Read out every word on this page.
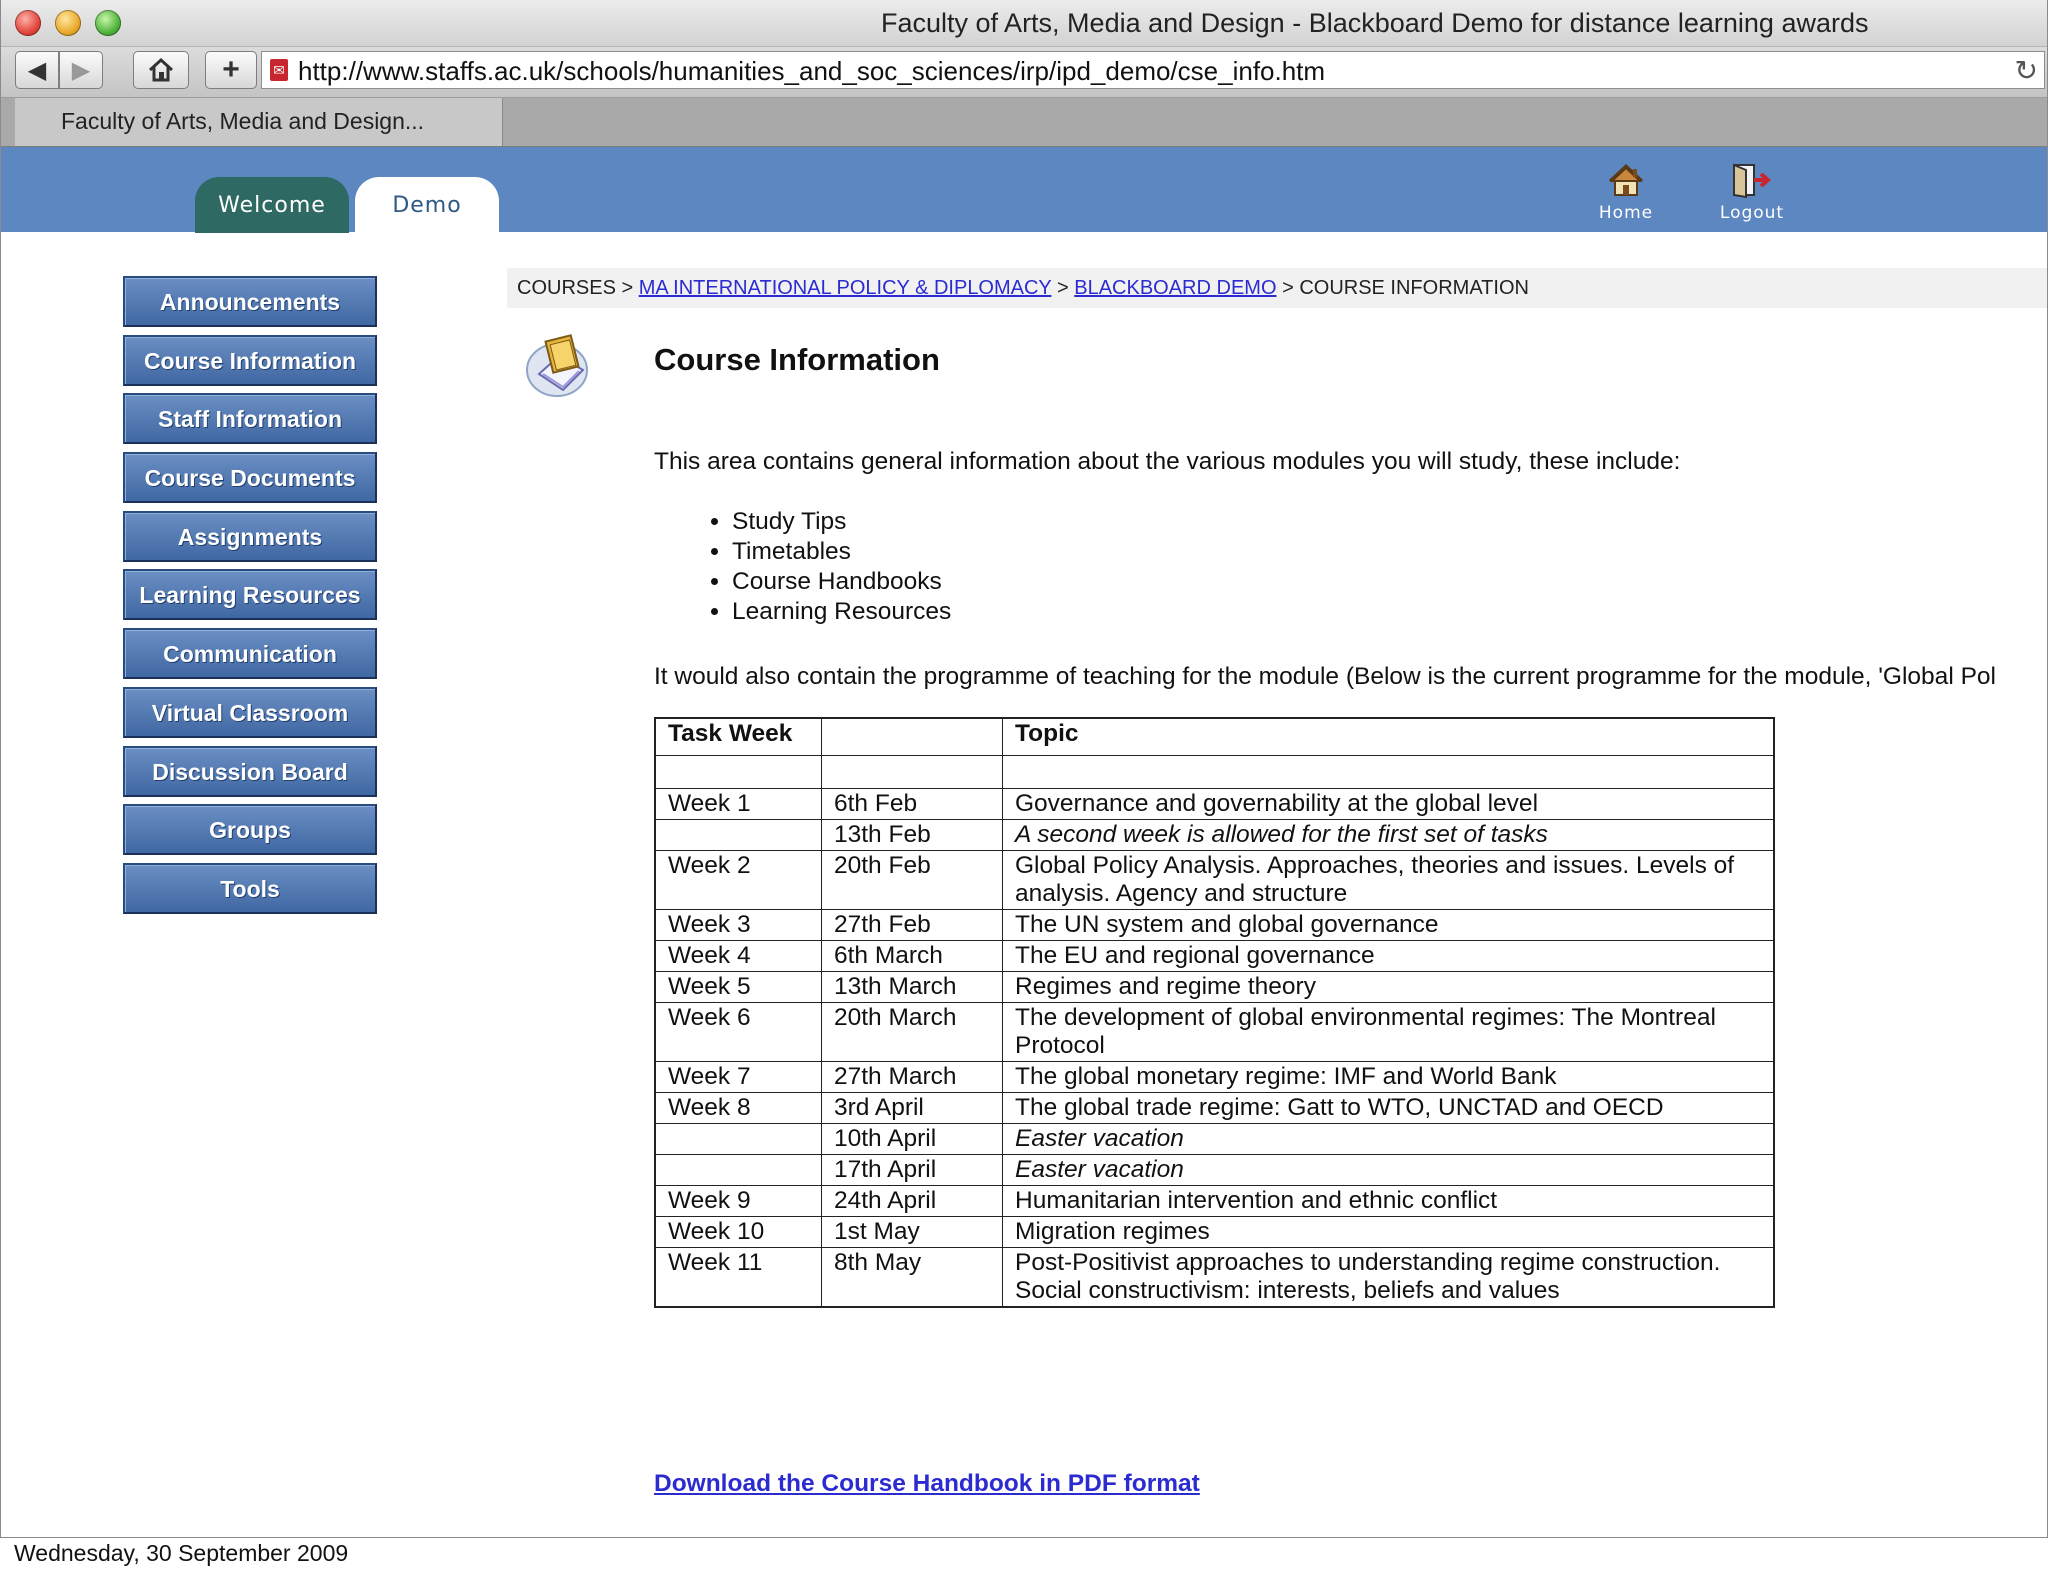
Faculty of Arts, Media and Design - Blackboard Demo for distance learning awards
◀ ▶	+ ✉ http://www.staffs.ac.uk/schools/humanities_and_soc_sciences/irp/ipd_demo/cse_info.htm	↻
Faculty of Arts, Media and Design...
Welcome	Demo	Home	Logout
Announcements
Course Information
Staff Information
Course Documents
Assignments
Learning Resources
Communication
Virtual Classroom
Discussion Board
Groups
Tools
COURSES > MA INTERNATIONAL POLICY & DIPLOMACY > BLACKBOARD DEMO > COURSE INFORMATION
Course Information
This area contains general information about the various modules you will study, these include:
• Study Tips
• Timetables
• Course Handbooks
• Learning Resources
It would also contain the programme of teaching for the module (Below is the current programme for the module, 'Global Pol
Task Week		Topic

Week 1	6th Feb	Governance and governability at the global level
	13th Feb	A second week is allowed for the first set of tasks
Week 2	20th Feb	Global Policy Analysis. Approaches, theories and issues. Levels of analysis. Agency and structure
Week 3	27th Feb	The UN system and global governance
Week 4	6th March	The EU and regional governance
Week 5	13th March	Regimes and regime theory
Week 6	20th March	The development of global environmental regimes: The Montreal Protocol
Week 7	27th March	The global monetary regime: IMF and World Bank
Week 8	3rd April	The global trade regime: Gatt to WTO, UNCTAD and OECD
	10th April	Easter vacation
	17th April	Easter vacation
Week 9	24th April	Humanitarian intervention and ethnic conflict
Week 10	1st May	Migration regimes
Week 11	8th May	Post-Positivist approaches to understanding regime construction. Social constructivism: interests, beliefs and values
Download the Course Handbook in PDF format
Wednesday, 30 September 2009
